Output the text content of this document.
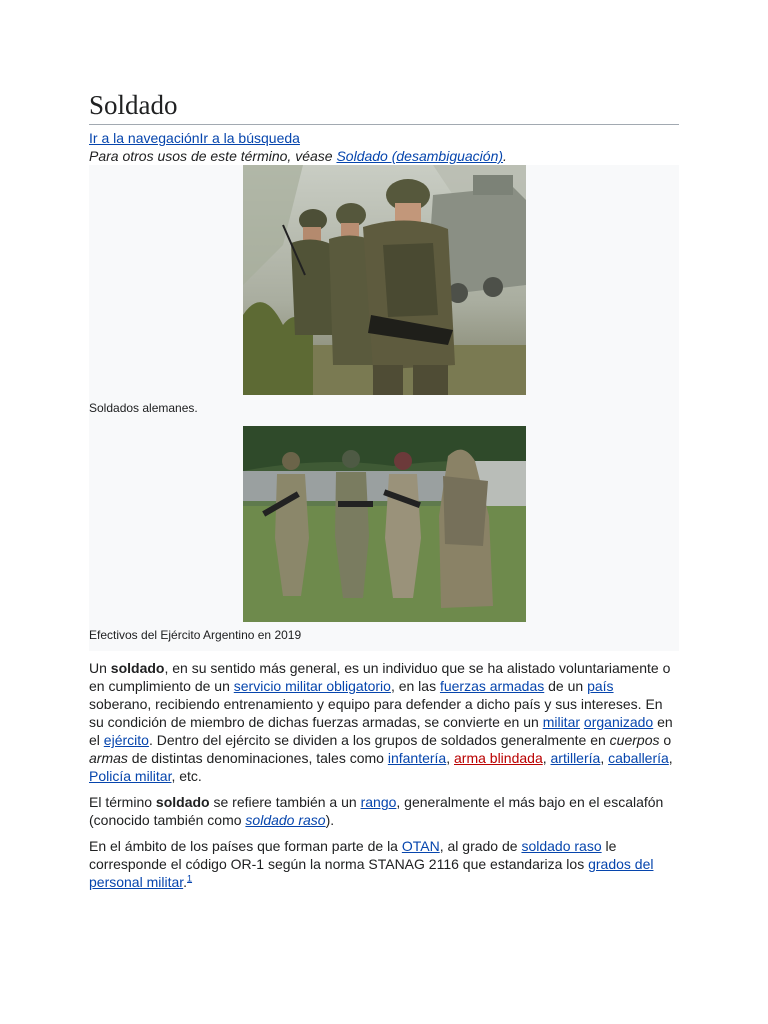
Soldado
Ir a la navegaciónIr a la búsqueda
Para otros usos de este término, véase Soldado (desambiguación).
Soldados alemanes.
Efectivos del Ejército Argentino en 2019

Un soldado, en su sentido más general, es un individuo que se ha alistado voluntariamente o en cumplimiento de un servicio militar obligatorio, en las fuerzas armadas de un país soberano, recibiendo entrenamiento y equipo para defender a dicho país y sus intereses. En su condición de miembro de dichas fuerzas armadas, se convierte en un militar organizado en el ejército. Dentro del ejército se dividen a los grupos de soldados generalmente en cuerpos o armas de distintas denominaciones, tales como infantería, arma blindada, artillería, caballería, Policía militar, etc.

El término soldado se refiere también a un rango, generalmente el más bajo en el escalafón (conocido también como soldado raso).

En el ámbito de los países que forman parte de la OTAN, al grado de soldado raso le corresponde el código OR-1 según la norma STANAG 2116 que estandariza los grados del personal militar.$^1$
